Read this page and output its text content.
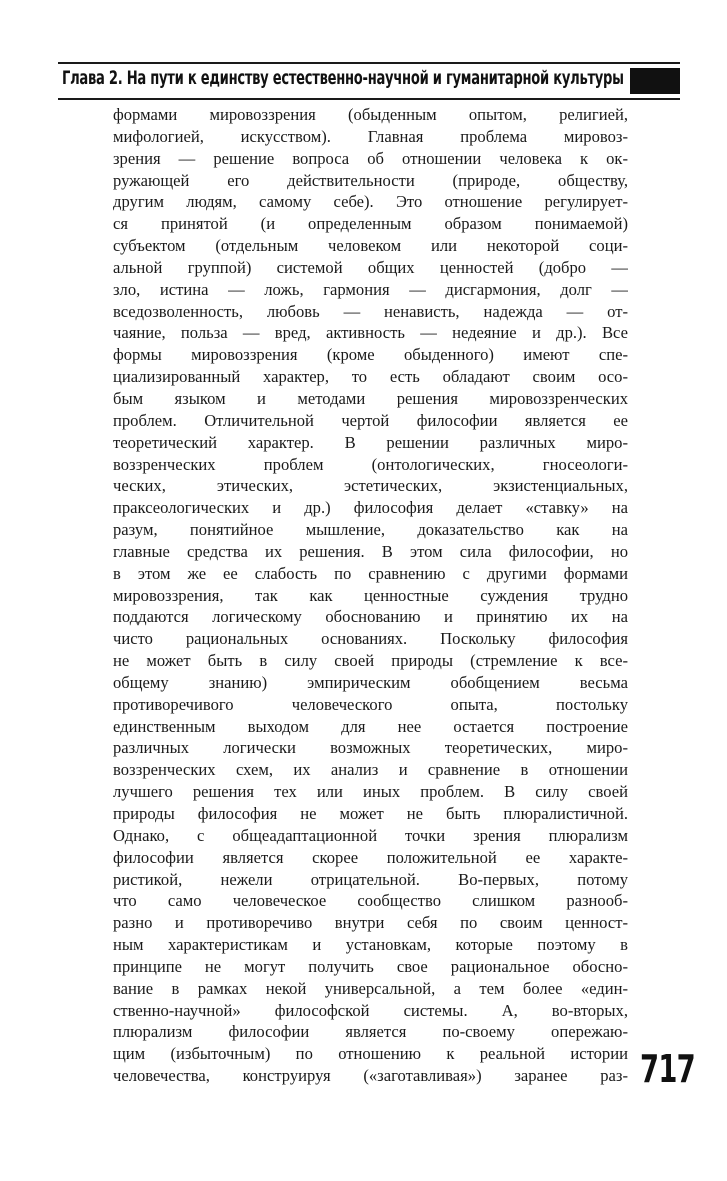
Глава 2. На пути к единству естественно-научной и гуманитарной культуры
формами мировоззрения (обыденным опытом, религией,
мифологией, искусством). Главная проблема мировоз-
зрения — решение вопроса об отношении человека к ок-
ружающей его действительности (природе, обществу,
другим людям, самому себе). Это отношение регулирует-
ся принятой (и определенным образом понимаемой)
субъектом (отдельным человеком или некоторой соци-
альной группой) системой общих ценностей (добро —
зло, истина — ложь, гармония — дисгармония, долг —
вседозволенность, любовь — ненависть, надежда — от-
чаяние, польза — вред, активность — недеяние и др.). Все
формы мировоззрения (кроме обыденного) имеют спе-
циализированный характер, то есть обладают своим осо-
бым языком и методами решения мировоззренческих
проблем. Отличительной чертой философии является ее
теоретический характер. В решении различных миро-
воззренческих проблем (онтологических, гносеологи-
ческих, этических, эстетических, экзистенциальных,
праксеологических и др.) философия делает «ставку» на
разум, понятийное мышление, доказательство как на
главные средства их решения. В этом сила философии, но
в этом же ее слабость по сравнению с другими формами
мировоззрения, так как ценностные суждения трудно
поддаются логическому обоснованию и принятию их на
чисто рациональных основаниях. Поскольку философия
не может быть в силу своей природы (стремление к все-
общему знанию) эмпирическим обобщением весьма
противоречивого человеческого опыта, постольку
единственным выходом для нее остается построение
различных логически возможных теоретических, миро-
воззренческих схем, их анализ и сравнение в отношении
лучшего решения тех или иных проблем. В силу своей
природы философия не может не быть плюралистичной.
Однако, с общеадаптационной точки зрения плюрализм
философии является скорее положительной ее характе-
ристикой, нежели отрицательной. Во-первых, потому
что само человеческое сообщество слишком разнооб-
разно и противоречиво внутри себя по своим ценност-
ным характеристикам и установкам, которые поэтому в
принципе не могут получить свое рациональное обосно-
вание в рамках некой универсальной, а тем более «един-
ственно-научной» философской системы. А, во-вторых,
плюрализм философии является по-своему опережаю-
щим (избыточным) по отношению к реальной истории
человечества, конструируя («заготавливая») заранее раз- 717
